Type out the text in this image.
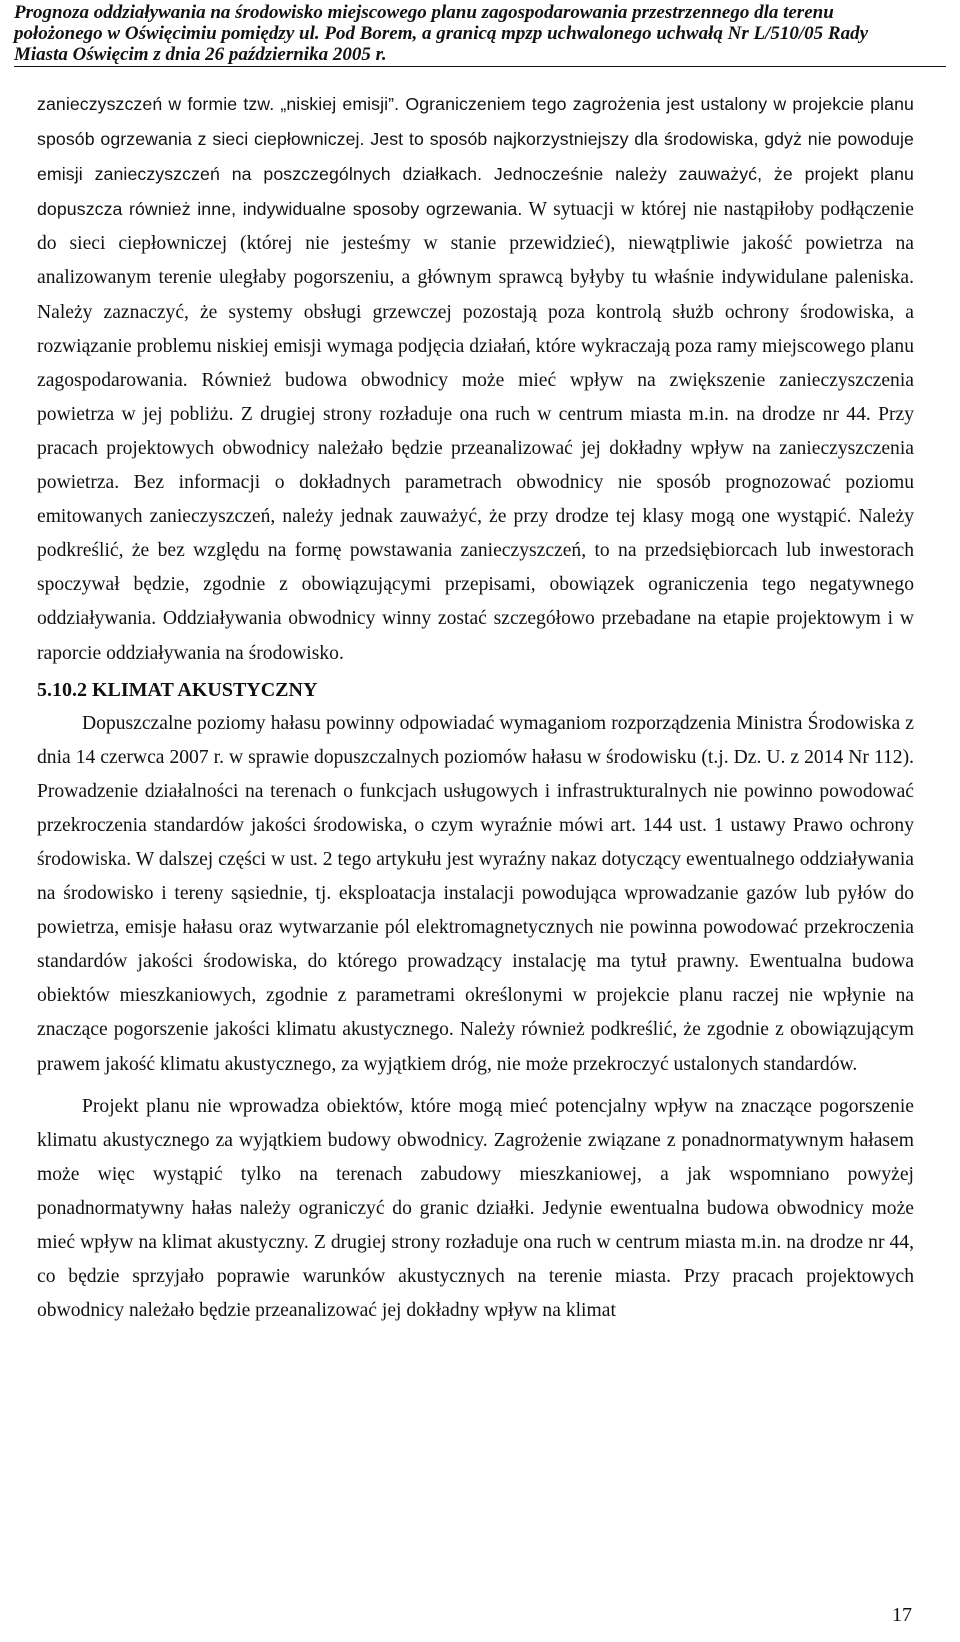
Prognoza oddziaływania na środowisko miejscowego planu zagospodarowania przestrzennego dla terenu
położonego w Oświęcimiu pomiędzy ul. Pod Borem, a granicą mpzp uchwalonego uchwałą Nr L/510/05 Rady
Miasta Oświęcim z dnia 26 października 2005 r.

zanieczyszczeń w formie tzw. „niskiej emisji”. Ograniczeniem tego zagrożenia jest ustalony w projekcie planu sposób ogrzewania z sieci ciepłowniczej. Jest to sposób najkorzystniejszy dla środowiska, gdyż nie powoduje emisji zanieczyszczeń na poszczególnych działkach. Jednocześnie należy zauważyć, że projekt planu dopuszcza również inne, indywidualne sposoby ogrzewania. W sytuacji w której nie nastąpiłoby podłączenie do sieci ciepłowniczej (której nie jesteśmy w stanie przewidzieć), niewątpliwie jakość powietrza na analizowanym terenie uległaby pogorszeniu, a głównym sprawcą byłyby tu właśnie indywidulane paleniska. Należy zaznaczyć, że systemy obsługi grzewczej pozostają poza kontrolą służb ochrony środowiska, a rozwiązanie problemu niskiej emisji wymaga podjęcia działań, które wykraczają poza ramy miejscowego planu zagospodarowania. Również budowa obwodnicy może mieć wpływ na zwiększenie zanieczyszczenia powietrza w jej pobliżu. Z drugiej strony rozładuje ona ruch w centrum miasta m.in. na drodze nr 44. Przy pracach projektowych obwodnicy należało będzie przeanalizować jej dokładny wpływ na zanieczyszczenia powietrza. Bez informacji o dokładnych parametrach obwodnicy nie sposób prognozować poziomu emitowanych zanieczyszczeń, należy jednak zauważyć, że przy drodze tej klasy mogą one wystąpić. Należy podkreślić, że bez względu na formę powstawania zanieczyszczeń, to na przedsiębiorcach lub inwestorach spoczywał będzie, zgodnie z obowiązującymi przepisami, obowiązek ograniczenia tego negatywnego oddziaływania. Oddziaływania obwodnicy winny zostać szczegółowo przebadane na etapie projektowym i w raporcie oddziaływania na środowisko.

5.10.2 KLIMAT AKUSTYCZNY

Dopuszczalne poziomy hałasu powinny odpowiadać wymaganiom rozporządzenia Ministra Środowiska z dnia 14 czerwca 2007 r. w sprawie dopuszczalnych poziomów hałasu w środowisku (t.j. Dz. U. z 2014 Nr 112). Prowadzenie działalności na terenach o funkcjach usługowych i infrastrukturalnych nie powinno powodować przekroczenia standardów jakości środowiska, o czym wyraźnie mówi art. 144 ust. 1 ustawy Prawo ochrony środowiska. W dalszej części w ust. 2 tego artykułu jest wyraźny nakaz dotyczący ewentualnego oddziaływania na środowisko i tereny sąsiednie, tj. eksploatacja instalacji powodująca wprowadzanie gazów lub pyłów do powietrza, emisje hałasu oraz wytwarzanie pól elektromagnetycznych nie powinna powodować przekroczenia standardów jakości środowiska, do którego prowadzący instalację ma tytuł prawny. Ewentualna budowa obiektów mieszkaniowych, zgodnie z parametrami określonymi w projekcie planu raczej nie wpłynie na znaczące pogorszenie jakości klimatu akustycznego. Należy również podkreślić, że zgodnie z obowiązującym prawem jakość klimatu akustycznego, za wyjątkiem dróg, nie może przekroczyć ustalonych standardów.

Projekt planu nie wprowadza obiektów, które mogą mieć potencjalny wpływ na znaczące pogorszenie klimatu akustycznego za wyjątkiem budowy obwodnicy. Zagrożenie związane z ponadnormatywnym hałasem może więc wystąpić tylko na terenach zabudowy mieszkaniowej, a jak wspomniano powyżej ponadnormatywny hałas należy ograniczyć do granic działki. Jedynie ewentualna budowa obwodnicy może mieć wpływ na klimat akustyczny. Z drugiej strony rozładuje ona ruch w centrum miasta m.in. na drodze nr 44, co będzie sprzyjało poprawie warunków akustycznych na terenie miasta. Przy pracach projektowych obwodnicy należało będzie przeanalizować jej dokładny wpływ na klimat

17
